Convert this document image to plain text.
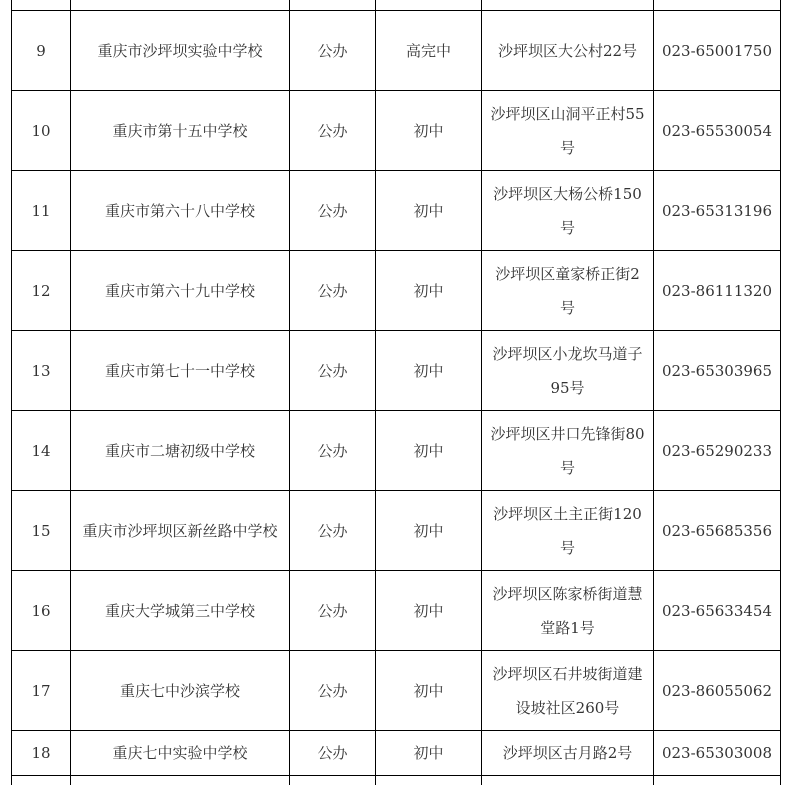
9	重庆市沙坪坝实验中学校	公办	高完中	沙坪坝区大公村22号	023-65001750
10	重庆市第十五中学校	公办	初中	沙坪坝区山洞平正村55号	023-65530054
11	重庆市第六十八中学校	公办	初中	沙坪坝区大杨公桥150号	023-65313196
12	重庆市第六十九中学校	公办	初中	沙坪坝区童家桥正街2号	023-86111320
13	重庆市第七十一中学校	公办	初中	沙坪坝区小龙坎马道子95号	023-65303965
14	重庆市二塘初级中学校	公办	初中	沙坪坝区井口先锋街80号	023-65290233
15	重庆市沙坪坝区新丝路中学校	公办	初中	沙坪坝区土主正街120号	023-65685356
16	重庆大学城第三中学校	公办	初中	沙坪坝区陈家桥街道慧堂路1号	023-65633454
17	重庆七中沙滨学校	公办	初中	沙坪坝区石井坡街道建设坡社区260号	023-86055062
18	重庆七中实验中学校	公办	初中	沙坪坝区古月路2号	023-65303008
